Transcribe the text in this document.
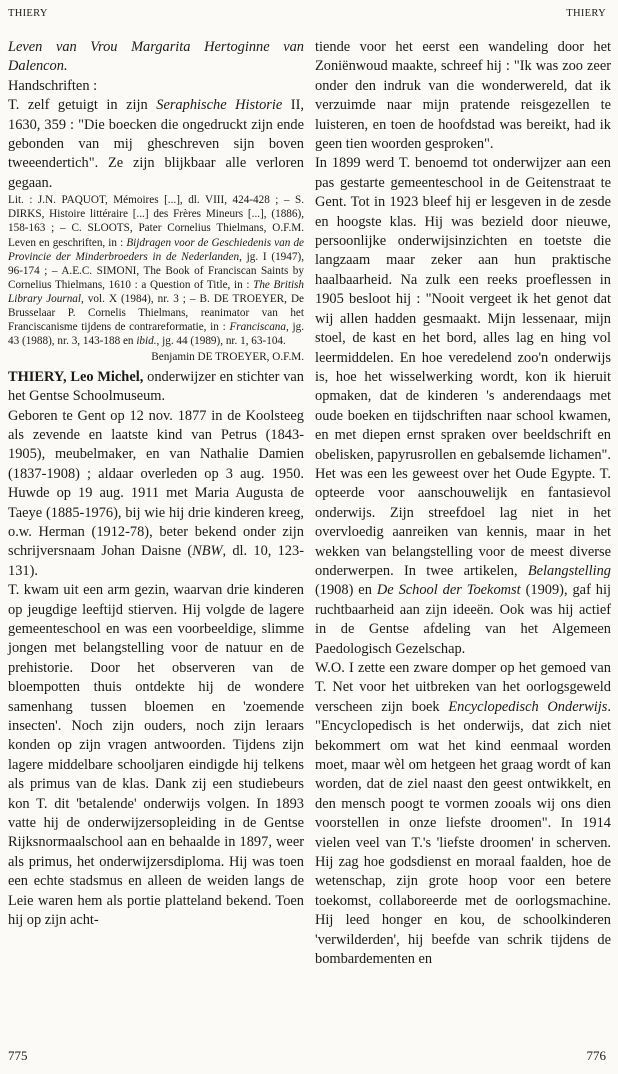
THIERY	THIERY

Leven van Vrou Margarita Hertoginne van Dalencon.

Handschriften :

T. zelf getuigt in zijn Seraphische Historie II, 1630, 359 : "Die boecken die ongedruckt zijn ende gebonden van mij gheschreven sijn boven tweeendertich". Ze zijn blijkbaar alle verloren gegaan.

Lit. : J.N. PAQUOT, Mémoires [...], dl. VIII, 424-428 ; – S. DIRKS, Histoire littéraire [...] des Frères Mineurs [...], (1886), 158-163 ; – C. SLOOTS, Pater Cornelius Thielmans, O.F.M. Leven en geschriften, in : Bijdragen voor de Geschiedenis van de Provincie der Minderbroeders in de Nederlanden, jg. I (1947), 96-174 ; – A.E.C. SIMONI, The Book of Franciscan Saints by Cornelius Thielmans, 1610 : a Question of Title, in : The British Library Journal, vol. X (1984), nr. 3 ; – B. DE TROEYER, De Brusselaar P. Cornelis Thielmans, reanimator van het Franciscanisme tijdens de contrareformatie, in : Franciscana, jg. 43 (1988), nr. 3, 143-188 en ibid., jg. 44 (1989), nr. 1, 63-104.

Benjamin DE TROEYER, O.F.M.

THIERY, Leo Michel, onderwijzer en stichter van het Gentse Schoolmuseum.

Geboren te Gent op 12 nov. 1877 in de Koolsteeg als zevende en laatste kind van Petrus (1843-1905), meubelmaker, en van Nathalie Damien (1837-1908) ; aldaar overleden op 3 aug. 1950. Huwde op 19 aug. 1911 met Maria Augusta de Taeye (1885-1976), bij wie hij drie kinderen kreeg, o.w. Herman (1912-78), beter bekend onder zijn schrijversnaam Johan Daisne (NBW, dl. 10, 123-131).

T. kwam uit een arm gezin, waarvan drie kinderen op jeugdige leeftijd stierven. Hij volgde de lagere gemeenteschool en was een voorbeeldige, slimme jongen met belangstelling voor de natuur en de prehistorie. Door het observeren van de bloempotten thuis ontdekte hij de wondere samenhang tussen bloemen en 'zoemende insecten'. Noch zijn ouders, noch zijn leraars konden op zijn vragen antwoorden. Tijdens zijn lagere middelbare schooljaren eindigde hij telkens als primus van de klas. Dank zij een studiebeurs kon T. dit 'betalende' onderwijs volgen. In 1893 vatte hij de onderwijzersopleiding in de Gentse Rijksnormaalschool aan en behaalde in 1897, weer als primus, het onderwijzersdiploma. Hij was toen een echte stadsmus en alleen de weiden langs de Leie waren hem als portie platteland bekend. Toen hij op zijn acht-

tiende voor het eerst een wandeling door het Zoniënwoud maakte, schreef hij : "Ik was zoo zeer onder den indruk van die wonderwereld, dat ik verzuimde naar mijn pratende reisgezellen te luisteren, en toen de hoofdstad was bereikt, had ik geen tien woorden gesproken".

In 1899 werd T. benoemd tot onderwijzer aan een pas gestarte gemeenteschool in de Geitenstraat te Gent. Tot in 1923 bleef hij er lesgeven in de zesde en hoogste klas. Hij was bezield door nieuwe, persoonlijke onderwijsinzichten en toetste die langzaam maar zeker aan hun praktische haalbaarheid. Na zulk een reeks proeflessen in 1905 besloot hij : "Nooit vergeet ik het genot dat wij allen hadden gesmaakt. Mijn lessenaar, mijn stoel, de kast en het bord, alles lag en hing vol leermiddelen. En hoe veredelend zoo'n onderwijs is, hoe het wisselwerking wordt, kon ik hieruit opmaken, dat de kinderen 's anderendaags met oude boeken en tijdschriften naar school kwamen, en met diepen ernst spraken over beeldschrift en obelisken, papyrusrollen en gebalsemde lichamen". Het was een les geweest over het Oude Egypte. T. opteerde voor aanschouwelijk en fantasievol onderwijs. Zijn streefdoel lag niet in het overvloedig aanreiken van kennis, maar in het wekken van belangstelling voor de meest diverse onderwerpen. In twee artikelen, Belangstelling (1908) en De School der Toekomst (1909), gaf hij ruchtbaarheid aan zijn ideeën. Ook was hij actief in de Gentse afdeling van het Algemeen Paedologisch Gezelschap.

W.O. I zette een zware domper op het gemoed van T. Net voor het uitbreken van het oorlogsgeweld verscheen zijn boek Encyclopedisch Onderwijs. "Encyclopedisch is het onderwijs, dat zich niet bekommert om wat het kind eenmaal worden moet, maar wèl om hetgeen het graag wordt of kan worden, dat de ziel naast den geest ontwikkelt, en den mensch poogt te vormen zooals wij ons dien voorstellen in onze liefste droomen". In 1914 vielen veel van T.'s 'liefste droomen' in scherven. Hij zag hoe godsdienst en moraal faalden, hoe de wetenschap, zijn grote hoop voor een betere toekomst, collaboreerde met de oorlogsmachine. Hij leed honger en kou, de schoolkinderen 'verwilderden', hij beefde van schrik tijdens de bombardementen en

775	776
